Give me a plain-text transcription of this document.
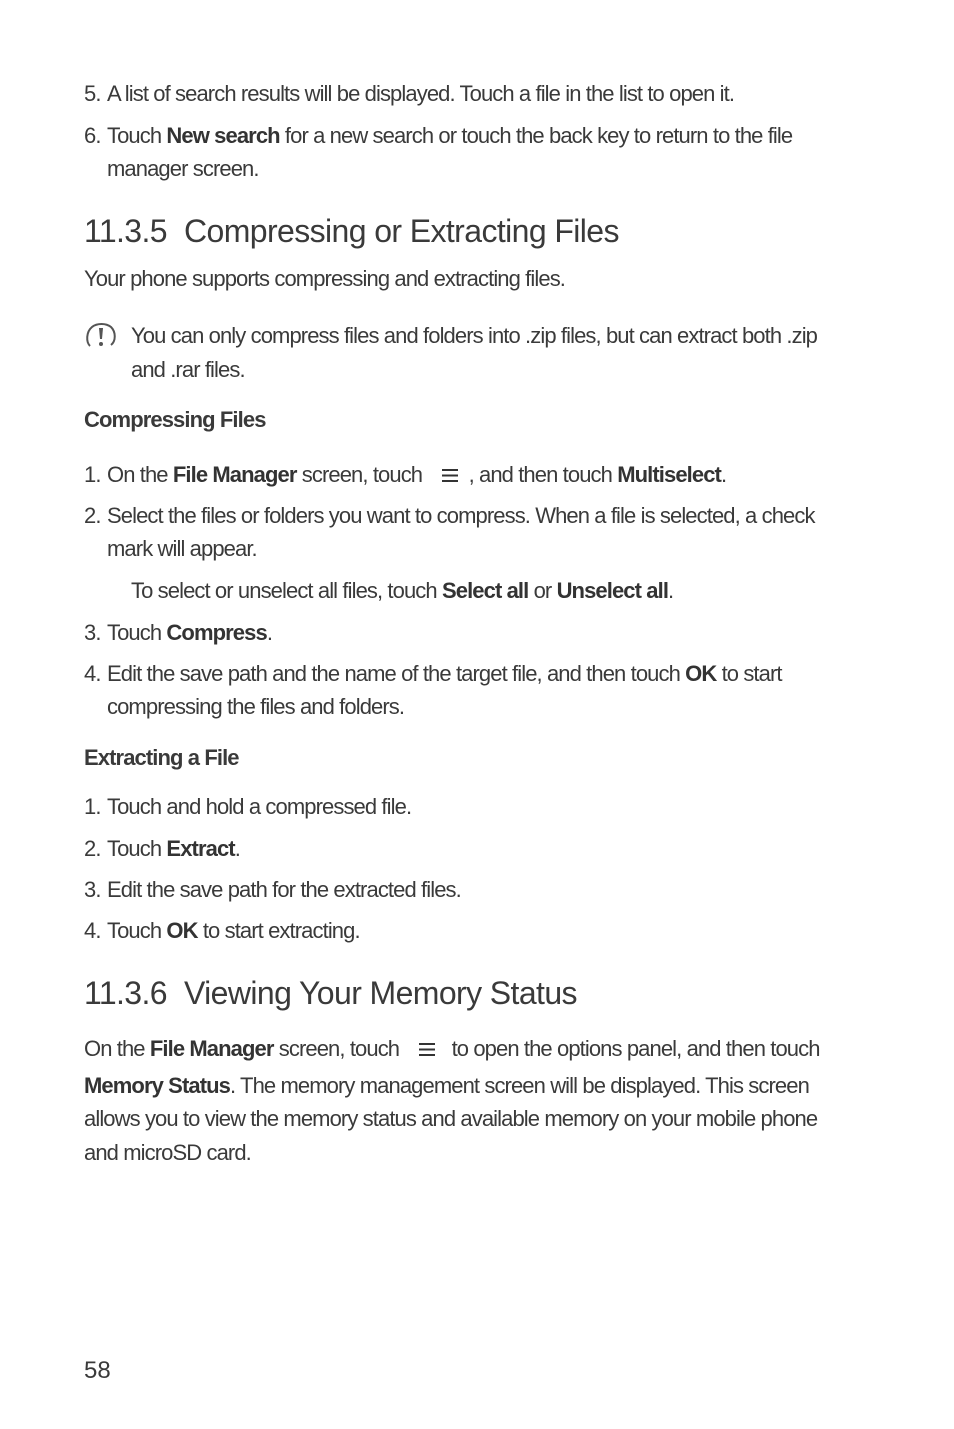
5. A list of search results will be displayed. Touch a file in the list to open it.
6. Touch New search for a new search or touch the back key to return to the file
manager screen.
11.3.5 Compressing or Extracting Files
Your phone supports compressing and extracting files.
You can only compress files and folders into .zip files, but can extract both .zip
and .rar files.
Compressing Files
1. On the File Manager screen, touch  , and then touch Multiselect.
2. Select the files or folders you want to compress. When a file is selected, a check
mark will appear.
To select or unselect all files, touch Select all or Unselect all.
3. Touch Compress.
4. Edit the save path and the name of the target file, and then touch OK to start
compressing the files and folders.
Extracting a File
1. Touch and hold a compressed file.
2. Touch Extract.
3. Edit the save path for the extracted files.
4. Touch OK to start extracting.
11.3.6 Viewing Your Memory Status
On the File Manager screen, touch  to open the options panel, and then touch
Memory Status. The memory management screen will be displayed. This screen
allows you to view the memory status and available memory on your mobile phone
and microSD card.
58
